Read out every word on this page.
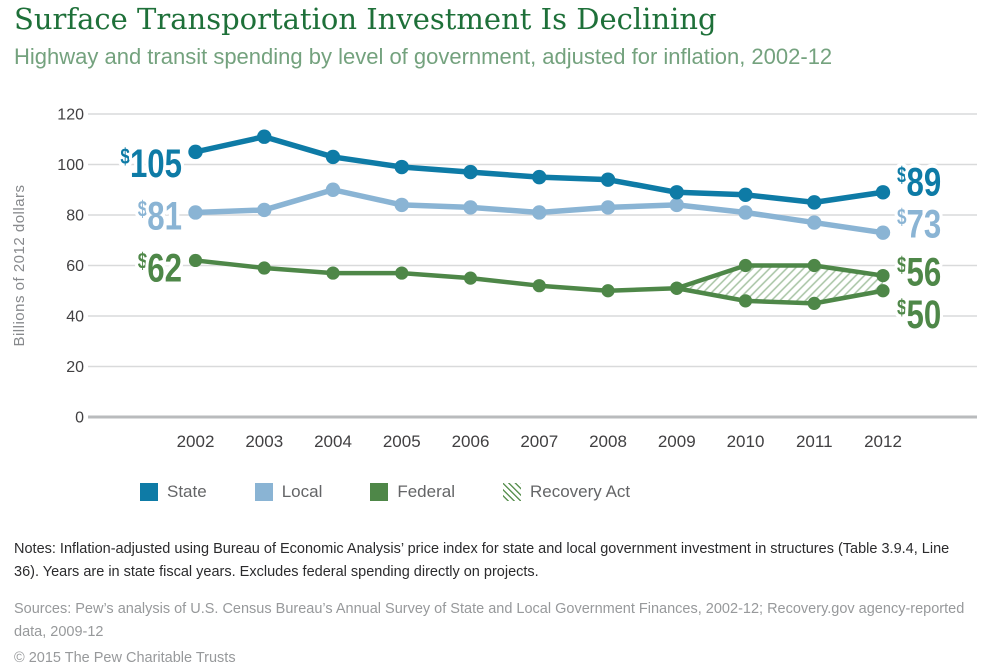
Surface Transportation Investment Is Declining
Highway and transit spending by level of government, adjusted for inflation, 2002-12
0
20
40
60
80
100
120
Billions of 2012 dollars
2002 2003 2004 2005 2006 2007 2008 2009 2010 2011 2012
$105
$81
$62
$89
$73
$56
$50
State	Local	Federal	Recovery Act

Notes: Inflation-adjusted using Bureau of Economic Analysis’ price index for state and local government investment in structures (Table 3.9.4, Line 36). Years are in state fiscal years. Excludes federal spending directly on projects.

Sources: Pew’s analysis of U.S. Census Bureau’s Annual Survey of State and Local Government Finances, 2002-12; Recovery.gov agency-reported data, 2009-12

© 2015 The Pew Charitable Trusts
